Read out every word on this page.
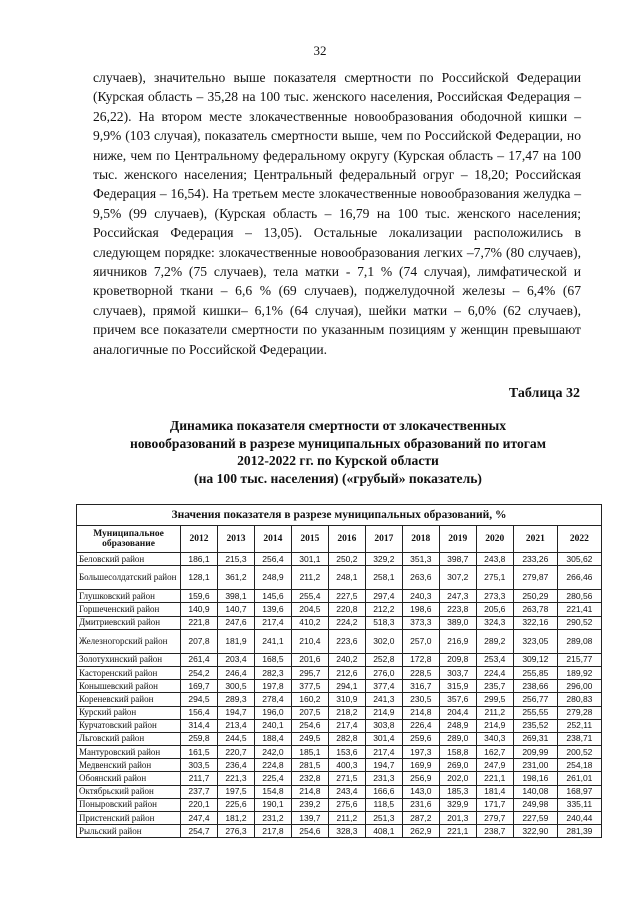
32

случаев), значительно выше показателя смертности по Российской Федерации (Курская область – 35,28 на 100 тыс. женского населения, Российская Федерация – 26,22). На втором месте злокачественные новообразования ободочной кишки – 9,9% (103 случая), показатель смертности выше, чем по Российской Федерации, но ниже, чем по Центральному федеральному округу (Курская область – 17,47 на 100 тыс. женского населения; Центральный федеральный огруг – 18,20; Российская Федерация – 16,54). На третьем месте злокачественные новообразования желудка – 9,5% (99 случаев), (Курская область – 16,79 на 100 тыс. женского населения; Российская Федерация – 13,05). Остальные локализации расположились в следующем порядке: злокачественные новообразования легких –7,7% (80 случаев), яичников 7,2% (75 случаев), тела матки - 7,1 % (74 случая), лимфатической и кроветворной ткани – 6,6 % (69 случаев), поджелудочной железы – 6,4% (67 случаев), прямой кишки– 6,1% (64 случая), шейки матки – 6,0% (62 случаев), причем все показатели смертности по указанным позициям у женщин превышают аналогичные по Российской Федерации.

Таблица 32
Динамика показателя смертности от злокачественных
новообразований в разрезе муниципальных образований по итогам
2012-2022 гг. по Курской области
(на 100 тыс. населения) («грубый» показатель)
Значения показателя в разрезе муниципальных образований, %											
Муниципальное образование	2012	2013	2014	2015	2016	2017	2018	2019	2020	2021	2022
Беловский район	186,1	215,3	256,4	301,1	250,2	329,2	351,3	398,7	243,8	233,26	305,62
Большесолдатский район	128,1	361,2	248,9	211,2	248,1	258,1	263,6	307,2	275,1	279,87	266,46
Глушковский район	159,6	398,1	145,6	255,4	227,5	297,4	240,3	247,3	273,3	250,29	280,56
Горшеченский район	140,9	140,7	139,6	204,5	220,8	212,2	198,6	223,8	205,6	263,78	221,41
Дмитриевский район	221,8	247,6	217,4	410,2	224,2	518,3	373,3	389,0	324,3	322,16	290,52
Железногорский район	207,8	181,9	241,1	210,4	223,6	302,0	257,0	216,9	289,2	323,05	289,08
Золотухинский район	261,4	203,4	168,5	201,6	240,2	252,8	172,8	209,8	253,4	309,12	215,77
Касторенский район	254,2	246,4	282,3	295,7	212,6	276,0	228,5	303,7	224,4	255,85	189,92
Конышевский район	169,7	300,5	197,8	377,5	294,1	377,4	316,7	315,9	235,7	238,66	296,00
Кореневский район	294,5	289,3	278,4	160,2	310,9	241,3	230,5	357,6	299,5	256,77	280,83
Курский район	156,4	194,7	196,0	207,5	218,2	214,9	214,8	204,4	211,2	255,55	279,28
Курчатовский район	314,4	213,4	240,1	254,6	217,4	303,8	226,4	248,9	214,9	235,52	252,11
Льговский район	259,8	244,5	188,4	249,5	282,8	301,4	259,6	289,0	340,3	269,31	238,71
Мантуровский район	161,5	220,7	242,0	185,1	153,6	217,4	197,3	158,8	162,7	209,99	200,52
Медвенский район	303,5	236,4	224,8	281,5	400,3	194,7	169,9	269,0	247,9	231,00	254,18
Обоянский район	211,7	221,3	225,4	232,8	271,5	231,3	256,9	202,0	221,1	198,16	261,01
Октябрьский район	237,7	197,5	154,8	214,8	243,4	166,6	143,0	185,3	181,4	140,08	168,97
Поныровский район	220,1	225,6	190,1	239,2	275,6	118,5	231,6	329,9	171,7	249,98	335,11
Пристенский район	247,4	181,2	231,2	139,7	211,2	251,3	287,2	201,3	279,7	227,59	240,44
Рыльский район	254,7	276,3	217,8	254,6	328,3	408,1	262,9	221,1	238,7	322,90	281,39
